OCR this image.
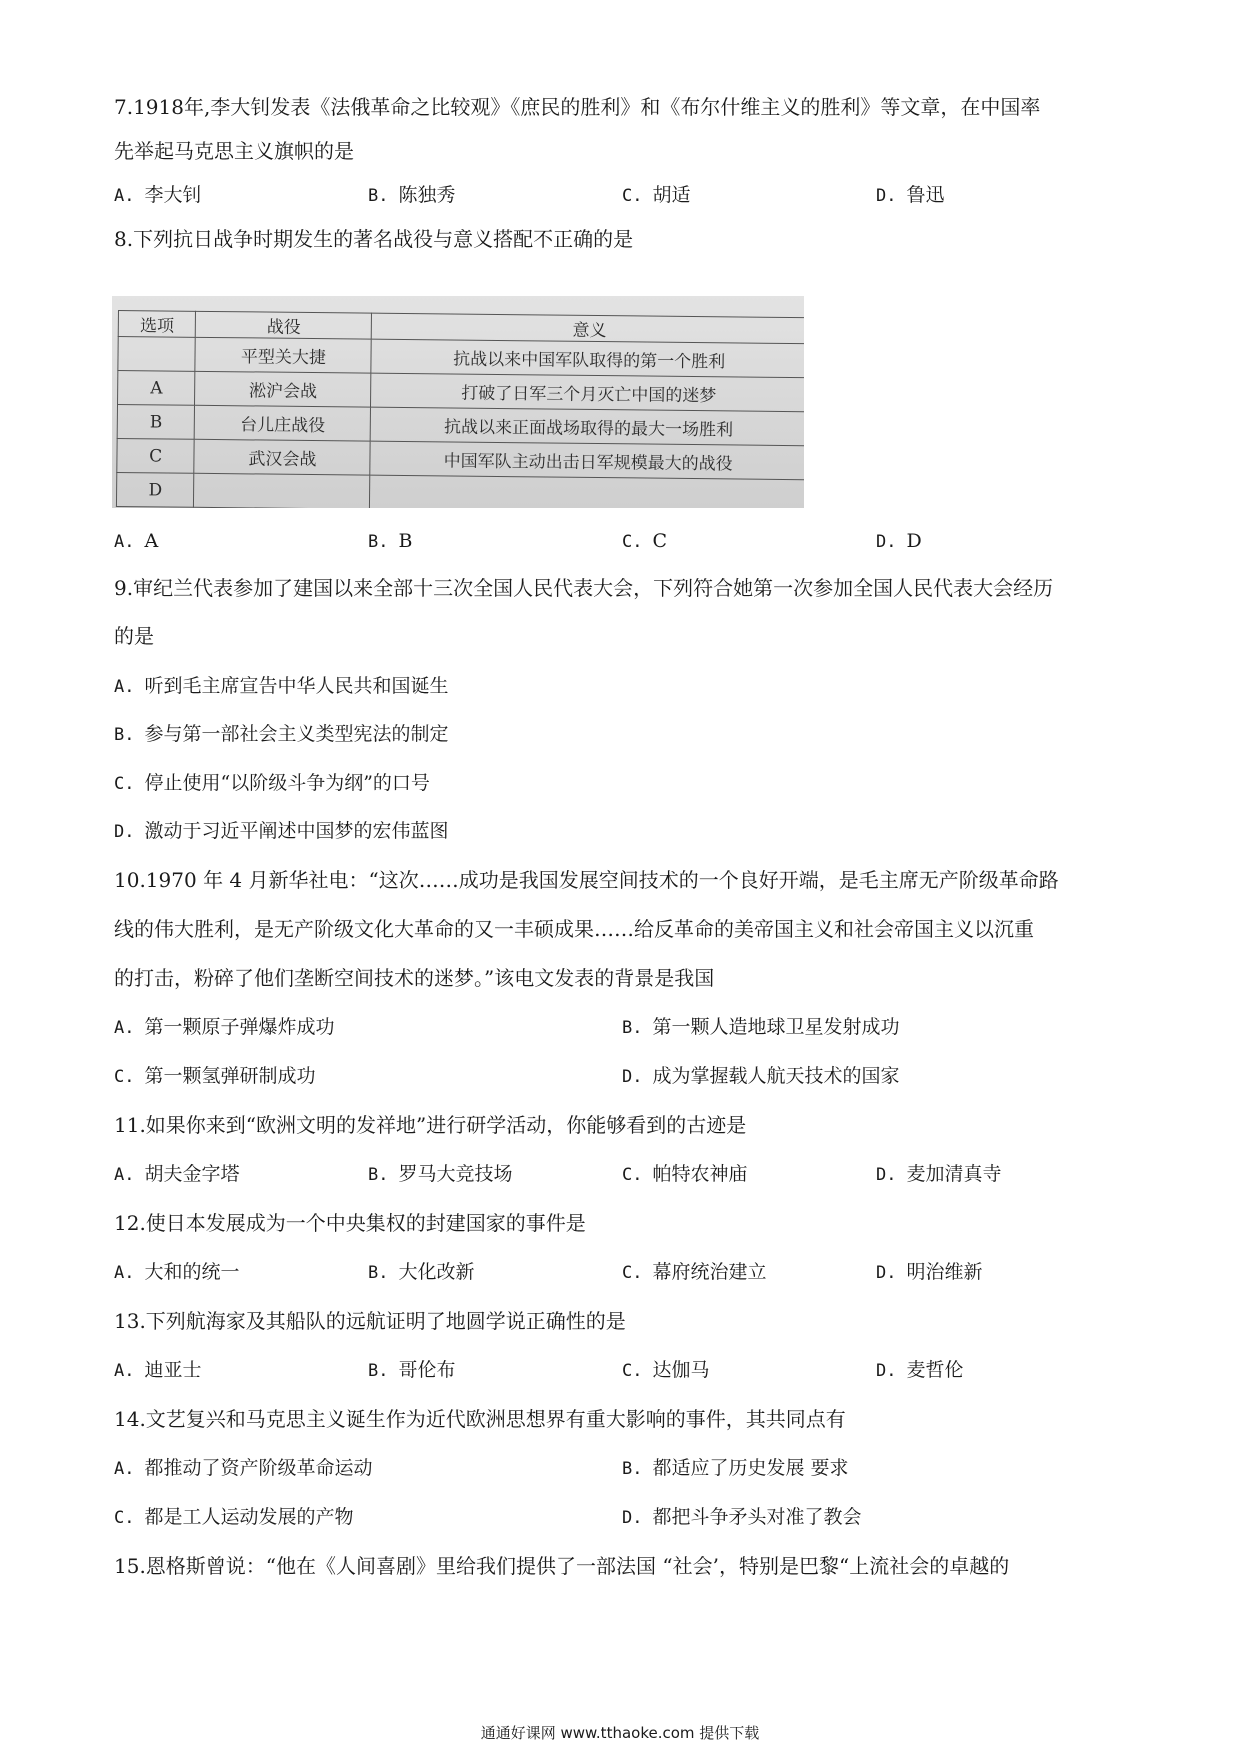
7.1918年,李大钊发表《法俄革命之比较观》《庶民的胜利》和《布尔什维主义的胜利》等文章，在中国率
先举起马克思主义旗帜的是
A. 李大钊	B. 陈独秀	C. 胡适	D. 鲁迅
8.下列抗日战争时期发生的著名战役与意义搭配不正确的是
选项	战役	意义
	平型关大捷	抗战以来中国军队取得的第一个胜利
A	淞沪会战	打破了日军三个月灭亡中国的迷梦
B	台儿庄战役	抗战以来正面战场取得的最大一场胜利
C	武汉会战	中国军队主动出击日军规模最大的战役
D		
A. A	B. B	C. C	D. D
9.审纪兰代表参加了建国以来全部十三次全国人民代表大会，下列符合她第一次参加全国人民代表大会经历
的是
A. 听到毛主席宣告中华人民共和国诞生
B. 参与第一部社会主义类型宪法的制定
C. 停止使用“以阶级斗争为纲”的口号
D. 激动于习近平阐述中国梦的宏伟蓝图
10.1970 年 4 月新华社电：“这次……成功是我国发展空间技术的一个良好开端，是毛主席无产阶级革命路
线的伟大胜利，是无产阶级文化大革命的又一丰硕成果……给反革命的美帝国主义和社会帝国主义以沉重
的打击，粉碎了他们垄断空间技术的迷梦。”该电文发表的背景是我国
A. 第一颗原子弹爆炸成功	B. 第一颗人造地球卫星发射成功
C. 第一颗氢弹研制成功	D. 成为掌握载人航天技术的国家
11.如果你来到“欧洲文明的发祥地”进行研学活动，你能够看到的古迹是
A. 胡夫金字塔	B. 罗马大竞技场	C. 帕特农神庙	D. 麦加清真寺
12.使日本发展成为一个中央集权的封建国家的事件是
A. 大和的统一	B. 大化改新	C. 幕府统治建立	D. 明治维新
13.下列航海家及其船队的远航证明了地圆学说正确性的是
A. 迪亚士	B. 哥伦布	C. 达伽马	D. 麦哲伦
14.文艺复兴和马克思主义诞生作为近代欧洲思想界有重大影响的事件，其共同点有
A. 都推动了资产阶级革命运动	B. 都适应了历史发展 要求
C. 都是工人运动发展的产物	D. 都把斗争矛头对准了教会
15.恩格斯曾说：“他在《人间喜剧》里给我们提供了一部法国 “社会’，特别是巴黎“上流社会的卓越的
通通好课网 www.tthaoke.com 提供下载
